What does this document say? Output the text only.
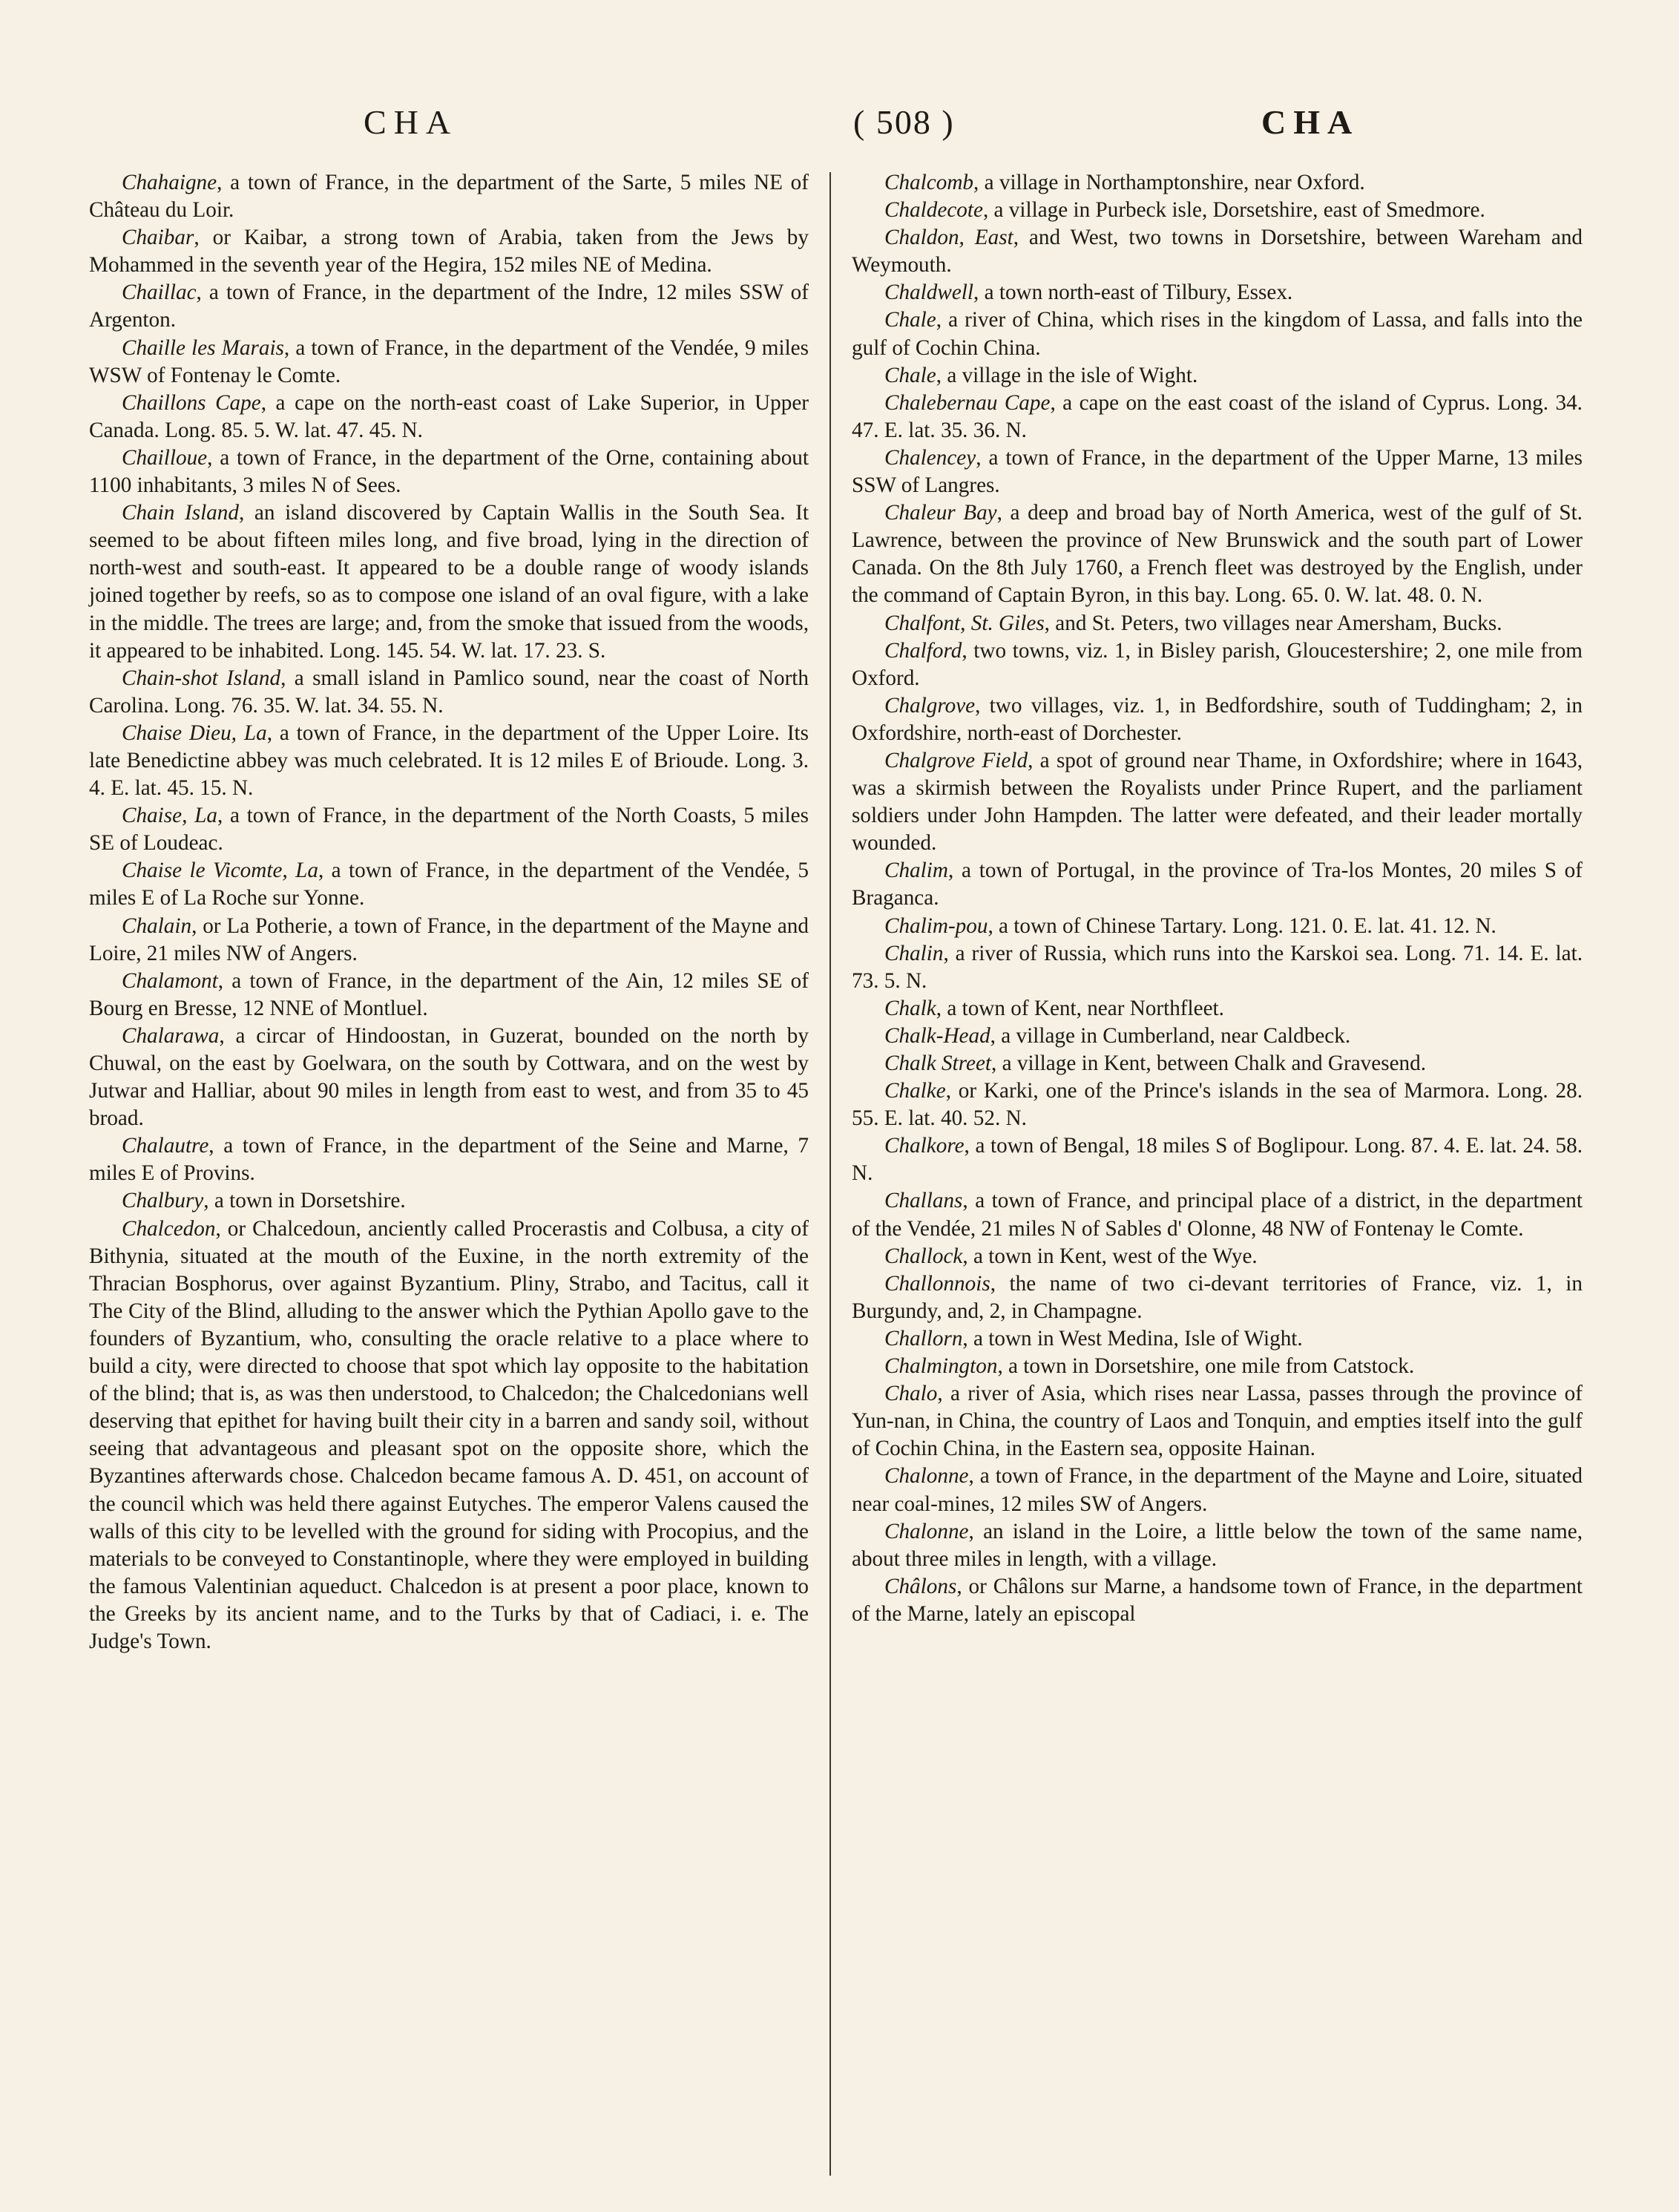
CHA	( 508 )	CHA

Chahaigne, a town of France, in the department of the Sarte, 5 miles NE of Château du Loir.

Chaibar, or Kaibar, a strong town of Arabia, taken from the Jews by Mohammed in the seventh year of the Hegira, 152 miles NE of Medina.

Chaillac, a town of France, in the department of the Indre, 12 miles SSW of Argenton.

Chaille les Marais, a town of France, in the department of the Vendée, 9 miles WSW of Fontenay le Comte.

Chaillons Cape, a cape on the north-east coast of Lake Superior, in Upper Canada. Long. 85. 5. W. lat. 47. 45. N.

Chailloue, a town of France, in the department of the Orne, containing about 1100 inhabitants, 3 miles N of Sees.

Chain Island, an island discovered by Captain Wallis in the South Sea. It seemed to be about fifteen miles long, and five broad, lying in the direction of north-west and south-east. It appeared to be a double range of woody islands joined together by reefs, so as to compose one island of an oval figure, with a lake in the middle. The trees are large; and, from the smoke that issued from the woods, it appeared to be inhabited. Long. 145. 54. W. lat. 17. 23. S.

Chain-shot Island, a small island in Pamlico sound, near the coast of North Carolina. Long. 76. 35. W. lat. 34. 55. N.

Chaise Dieu, La, a town of France, in the department of the Upper Loire. Its late Benedictine abbey was much celebrated. It is 12 miles E of Brioude. Long. 3. 4. E. lat. 45. 15. N.

Chaise, La, a town of France, in the department of the North Coasts, 5 miles SE of Loudeac.

Chaise le Vicomte, La, a town of France, in the department of the Vendée, 5 miles E of La Roche sur Yonne.

Chalain, or La Potherie, a town of France, in the department of the Mayne and Loire, 21 miles NW of Angers.

Chalamont, a town of France, in the department of the Ain, 12 miles SE of Bourg en Bresse, 12 NNE of Montluel.

Chalarawa, a circar of Hindoostan, in Guzerat, bounded on the north by Chuwal, on the east by Goelwara, on the south by Cottwara, and on the west by Jutwar and Halliar, about 90 miles in length from east to west, and from 35 to 45 broad.

Chalautre, a town of France, in the department of the Seine and Marne, 7 miles E of Provins.

Chalbury, a town in Dorsetshire.

Chalcedon, or Chalcedoun, anciently called Procerastis and Colbusa, a city of Bithynia, situated at the mouth of the Euxine, in the north extremity of the Thracian Bosphorus, over against Byzantium. Pliny, Strabo, and Tacitus, call it The City of the Blind, alluding to the answer which the Pythian Apollo gave to the founders of Byzantium, who, consulting the oracle relative to a place where to build a city, were directed to choose that spot which lay opposite to the habitation of the blind; that is, as was then understood, to Chalcedon; the Chalcedonians well deserving that epithet for having built their city in a barren and sandy soil, without seeing that advantageous and pleasant spot on the opposite shore, which the Byzantines afterwards chose. Chalcedon became famous A. D. 451, on account of the council which was held there against Eutyches. The emperor Valens caused the walls of this city to be levelled with the ground for siding with Procopius, and the materials to be conveyed to Constantinople, where they were employed in building the famous Valentinian aqueduct. Chalcedon is at present a poor place, known to the Greeks by its ancient name, and to the Turks by that of Cadiaci, i. e. The Judge's Town.

Chalcomb, a village in Northamptonshire, near Oxford.

Chaldecote, a village in Purbeck isle, Dorsetshire, east of Smedmore.

Chaldon, East, and West, two towns in Dorsetshire, between Wareham and Weymouth.

Chaldwell, a town north-east of Tilbury, Essex.

Chale, a river of China, which rises in the kingdom of Lassa, and falls into the gulf of Cochin China.

Chale, a village in the isle of Wight.

Chalebernau Cape, a cape on the east coast of the island of Cyprus. Long. 34. 47. E. lat. 35. 36. N.

Chalencey, a town of France, in the department of the Upper Marne, 13 miles SSW of Langres.

Chaleur Bay, a deep and broad bay of North America, west of the gulf of St. Lawrence, between the province of New Brunswick and the south part of Lower Canada. On the 8th July 1760, a French fleet was destroyed by the English, under the command of Captain Byron, in this bay. Long. 65. 0. W. lat. 48. 0. N.

Chalfont, St. Giles, and St. Peters, two villages near Amersham, Bucks.

Chalford, two towns, viz. 1, in Bisley parish, Gloucestershire; 2, one mile from Oxford.

Chalgrove, two villages, viz. 1, in Bedfordshire, south of Tuddingham; 2, in Oxfordshire, north-east of Dorchester.

Chalgrove Field, a spot of ground near Thame, in Oxfordshire; where in 1643, was a skirmish between the Royalists under Prince Rupert, and the parliament soldiers under John Hampden. The latter were defeated, and their leader mortally wounded.

Chalim, a town of Portugal, in the province of Tra-los Montes, 20 miles S of Braganca.

Chalim-pou, a town of Chinese Tartary. Long. 121. 0. E. lat. 41. 12. N.

Chalin, a river of Russia, which runs into the Karskoi sea. Long. 71. 14. E. lat. 73. 5. N.

Chalk, a town of Kent, near Northfleet.

Chalk-Head, a village in Cumberland, near Caldbeck.

Chalk Street, a village in Kent, between Chalk and Gravesend.

Chalke, or Karki, one of the Prince's islands in the sea of Marmora. Long. 28. 55. E. lat. 40. 52. N.

Chalkore, a town of Bengal, 18 miles S of Boglipour. Long. 87. 4. E. lat. 24. 58. N.

Challans, a town of France, and principal place of a district, in the department of the Vendée, 21 miles N of Sables d' Olonne, 48 NW of Fontenay le Comte.

Challock, a town in Kent, west of the Wye.

Challonnois, the name of two ci-devant territories of France, viz. 1, in Burgundy, and, 2, in Champagne.

Challorn, a town in West Medina, Isle of Wight.

Chalmington, a town in Dorsetshire, one mile from Catstock.

Chalo, a river of Asia, which rises near Lassa, passes through the province of Yun-nan, in China, the country of Laos and Tonquin, and empties itself into the gulf of Cochin China, in the Eastern sea, opposite Hainan.

Chalonne, a town of France, in the department of the Mayne and Loire, situated near coal-mines, 12 miles SW of Angers.

Chalonne, an island in the Loire, a little below the town of the same name, about three miles in length, with a village.

Châlons, or Châlons sur Marne, a handsome town of France, in the department of the Marne, lately an episcopal
